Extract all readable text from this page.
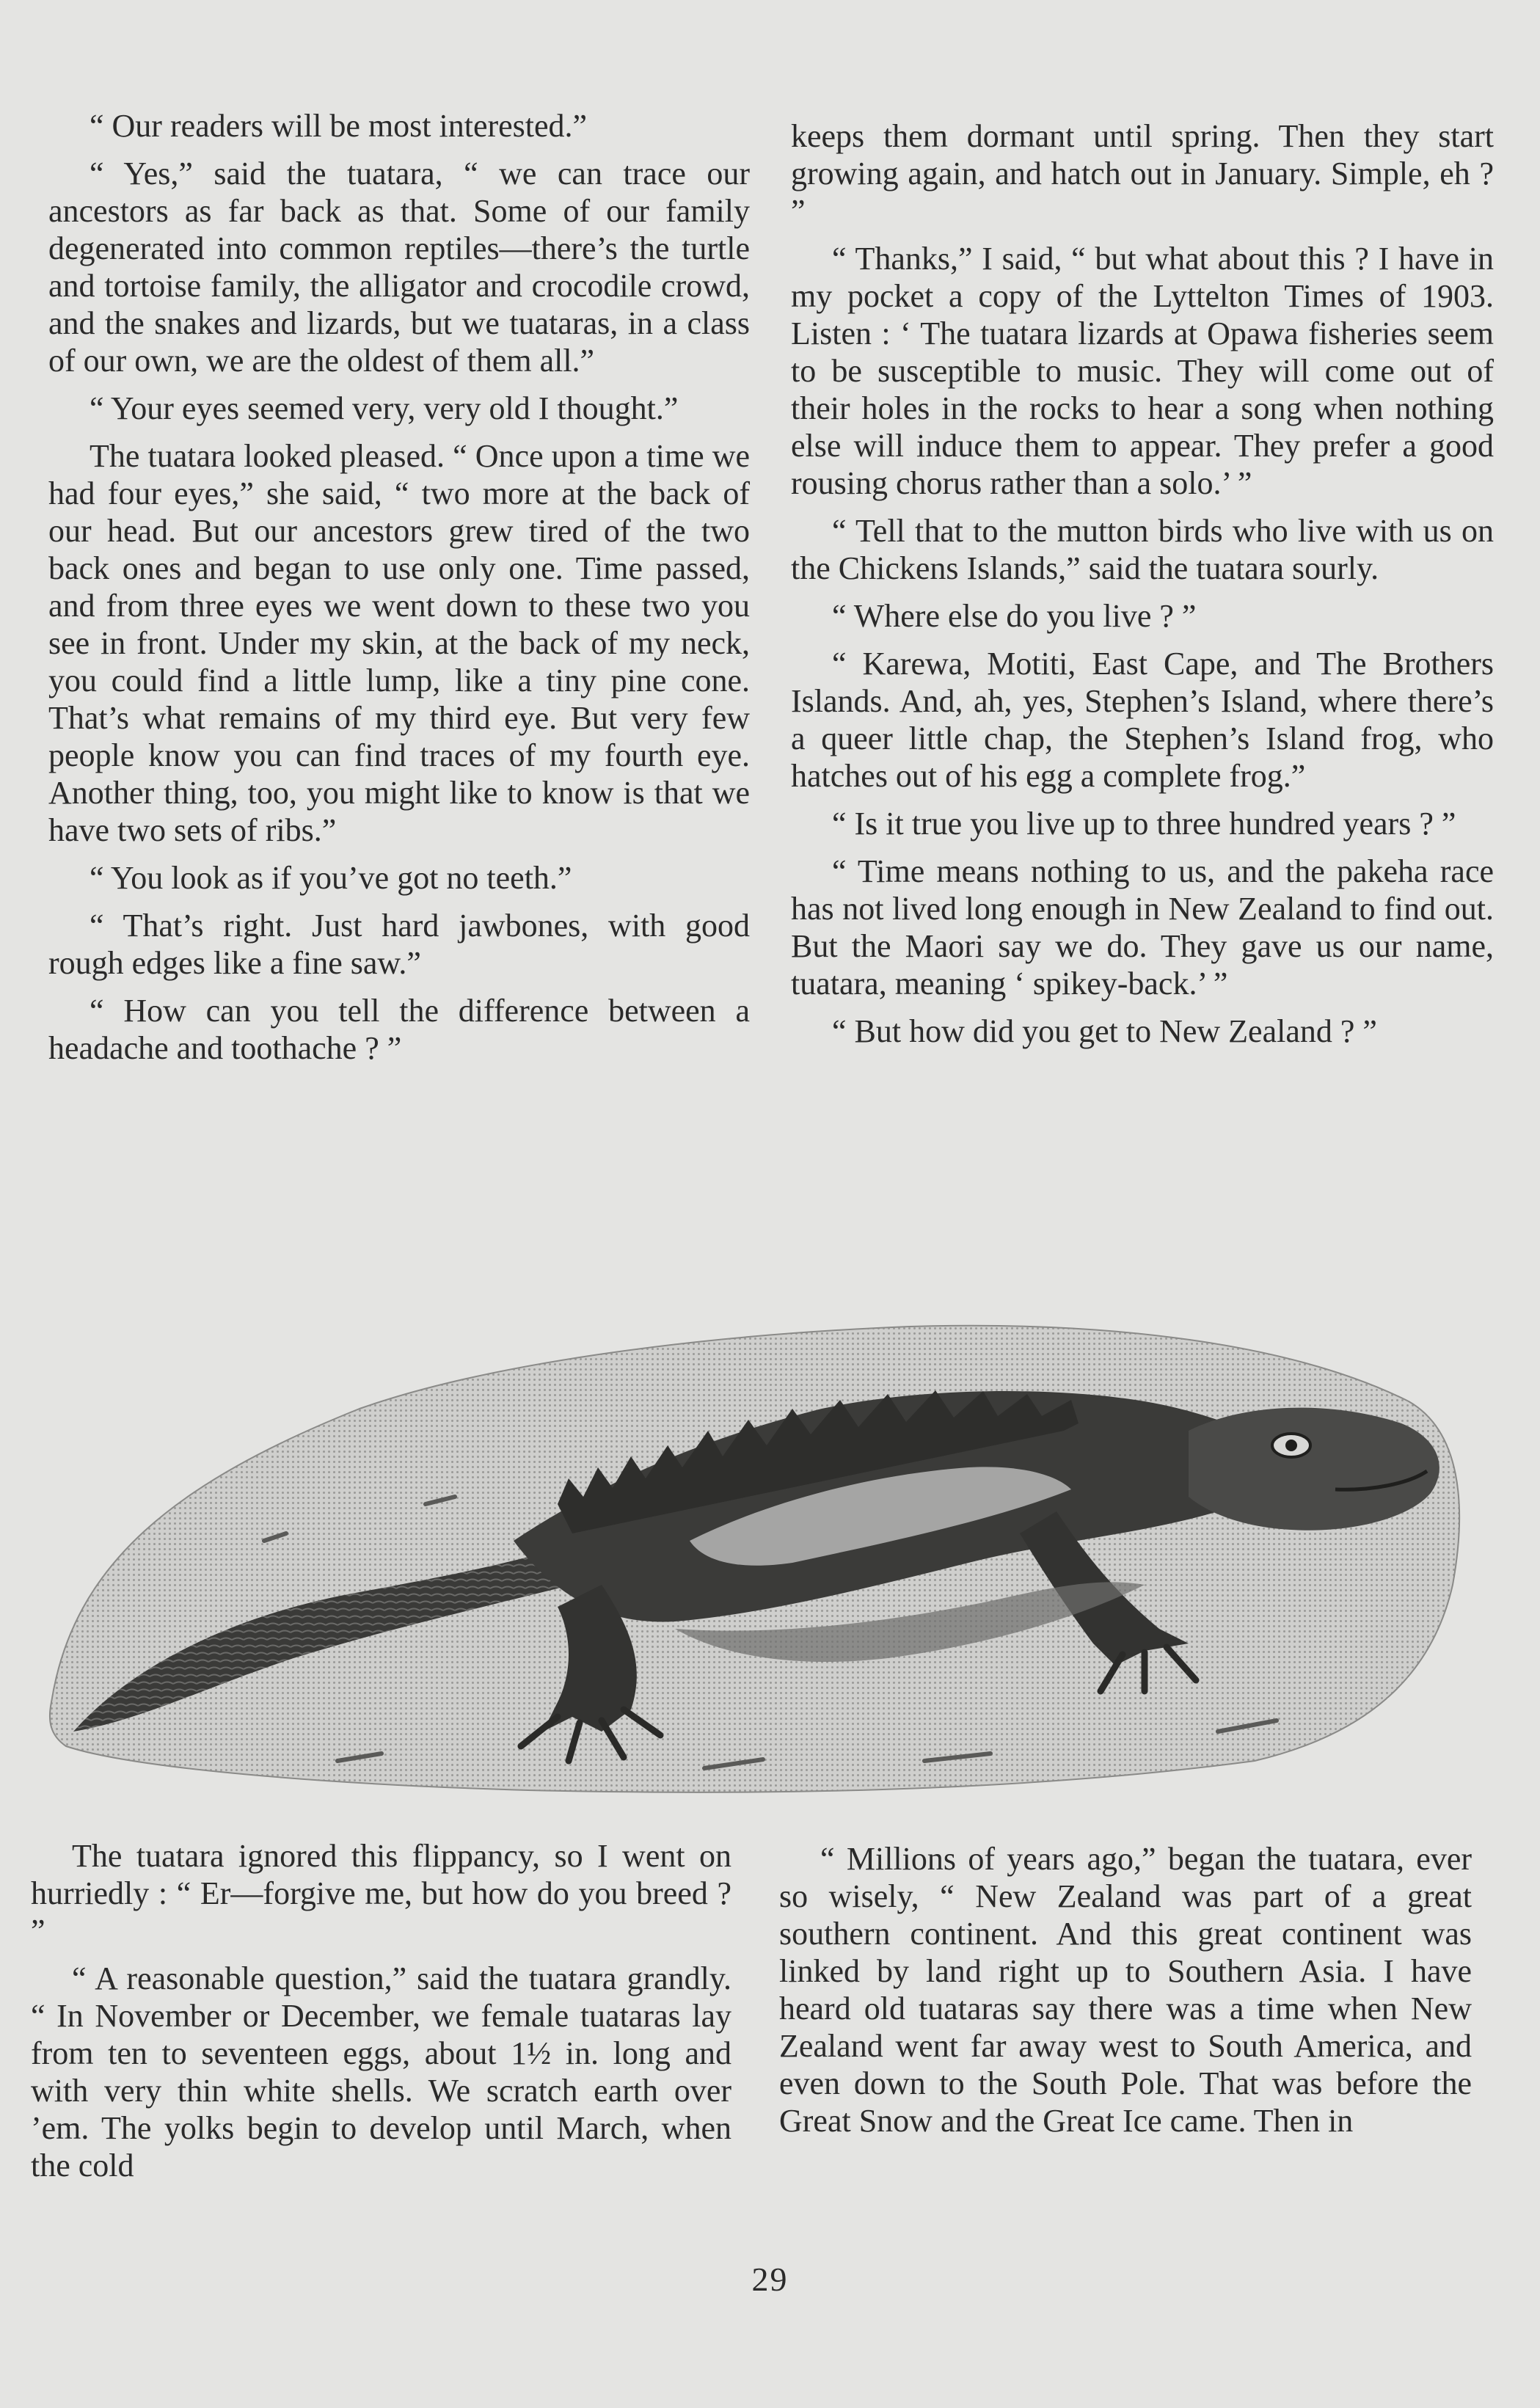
“ Our readers will be most interested.”

“ Yes,” said the tuatara, “ we can trace our ancestors as far back as that. Some of our family degenerated into common reptiles—there’s the turtle and tortoise family, the alligator and crocodile crowd, and the snakes and lizards, but we tuataras, in a class of our own, we are the oldest of them all.”

“ Your eyes seemed very, very old I thought.”

The tuatara looked pleased. “ Once upon a time we had four eyes,” she said, “ two more at the back of our head. But our ancestors grew tired of the two back ones and began to use only one. Time passed, and from three eyes we went down to these two you see in front. Under my skin, at the back of my neck, you could find a little lump, like a tiny pine cone. That’s what remains of my third eye. But very few people know you can find traces of my fourth eye. Another thing, too, you might like to know is that we have two sets of ribs.”

“ You look as if you’ve got no teeth.”

“ That’s right. Just hard jawbones, with good rough edges like a fine saw.”

“ How can you tell the difference between a headache and toothache ? ”

keeps them dormant until spring. Then they start growing again, and hatch out in January. Simple, eh ? ”

“ Thanks,” I said, “ but what about this ? I have in my pocket a copy of the Lyttelton Times of 1903. Listen : ‘ The tuatara lizards at Opawa fisheries seem to be susceptible to music. They will come out of their holes in the rocks to hear a song when nothing else will induce them to appear. They prefer a good rousing chorus rather than a solo.’ ”

“ Tell that to the mutton birds who live with us on the Chickens Islands,” said the tuatara sourly.

“ Where else do you live ? ”

“ Karewa, Motiti, East Cape, and The Brothers Islands. And, ah, yes, Stephen’s Island, where there’s a queer little chap, the Stephen’s Island frog, who hatches out of his egg a complete frog.”

“ Is it true you live up to three hundred years ? ”

“ Time means nothing to us, and the pakeha race has not lived long enough in New Zealand to find out. But the Maori say we do. They gave us our name, tuatara, meaning ‘ spikey-back.’ ”

“ But how did you get to New Zealand ? ”

The tuatara ignored this flippancy, so I went on hurriedly : “ Er—forgive me, but how do you breed ? ”

“ A reasonable question,” said the tuatara grandly. “ In November or December, we female tuataras lay from ten to seventeen eggs, about 1½ in. long and with very thin white shells. We scratch earth over ’em. The yolks begin to develop until March, when the cold

“ Millions of years ago,” began the tuatara, ever so wisely, “ New Zealand was part of a great southern continent. And this great continent was linked by land right up to Southern Asia. I have heard old tuataras say there was a time when New Zealand went far away west to South America, and even down to the South Pole. That was before the Great Snow and the Great Ice came. Then in

29
